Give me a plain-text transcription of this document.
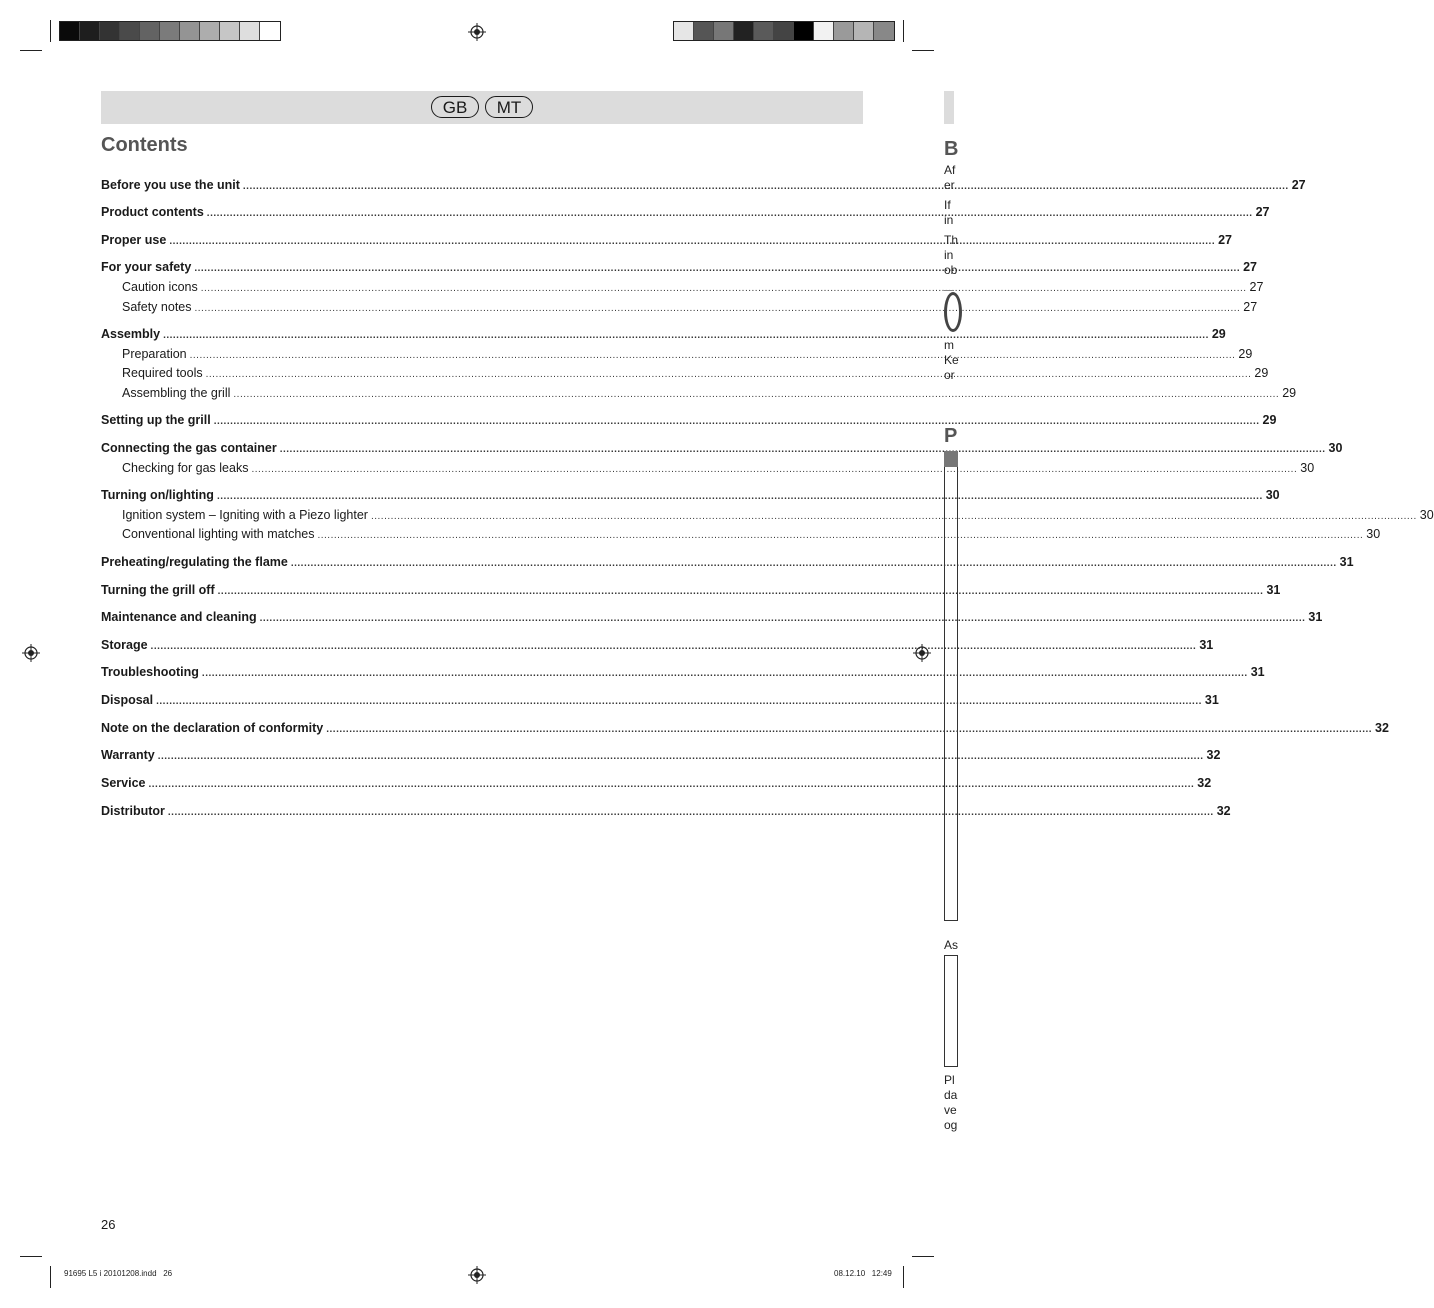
GB	MT
Contents
Before you use the unit .....	27
Product contents .....	27
Proper use .....	27
For your safety .....	27
Caution icons .....	27
Safety notes .....	27
Assembly .....	29
Preparation .....	29
Required tools .....	29
Assembling the grill .....	29
Setting up the grill .....	29
Connecting the gas container .....	30
Checking for gas leaks .....	30
Turning on/lighting .....	30
Ignition system – Igniting with a Piezo lighter .....	30
Conventional lighting with matches .....	30
Preheating/regulating the flame .....	31
Turning the grill off .....	31
Maintenance and cleaning .....	31
Storage .....	31
Troubleshooting .....	31
Disposal .....	31
Note on the declaration of conformity .....	32
Warranty .....	32
Service .....	32
Distributor .....	32
B
Af
er
If
in
Th
in
ob
m
Ke
or
P
As
Pl
da
ve
og
26
91695 L5 i 20101208.indd   26	08.12.10   12:49
